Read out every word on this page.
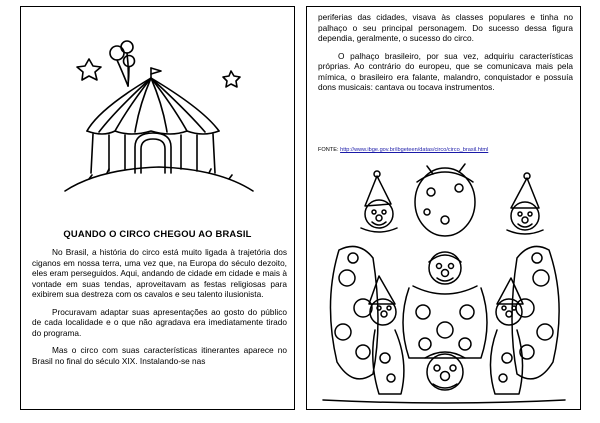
QUANDO O CIRCO CHEGOU AO BRASIL

No Brasil, a história do circo está muito ligada à trajetória dos ciganos em nossa terra, uma vez que, na Europa do século dezoito, eles eram perseguidos. Aqui, andando de cidade em cidade e mais à vontade em suas tendas, aproveitavam as festas religiosas para exibirem sua destreza com os cavalos e seu talento ilusionista.

Procuravam adaptar suas apresentações ao gosto do público de cada localidade e o que não agradava era imediatamente tirado do programa.

Mas o circo com suas características itinerantes aparece no Brasil no final do século XIX. Instalando-se nas

periferias das cidades, visava às classes populares e tinha no palhaço o seu principal personagem. Do sucesso dessa figura dependia, geralmente, o sucesso do circo.

O palhaço brasileiro, por sua vez, adquiriu características próprias. Ao contrário do europeu, que se comunicava mais pela mímica, o brasileiro era falante, malandro, conquistador e possuía dons musicais: cantava ou tocava instrumentos.

FONTE: http://www.ibge.gov.br/ibgeteen/datas/circo/circo_brasil.html
